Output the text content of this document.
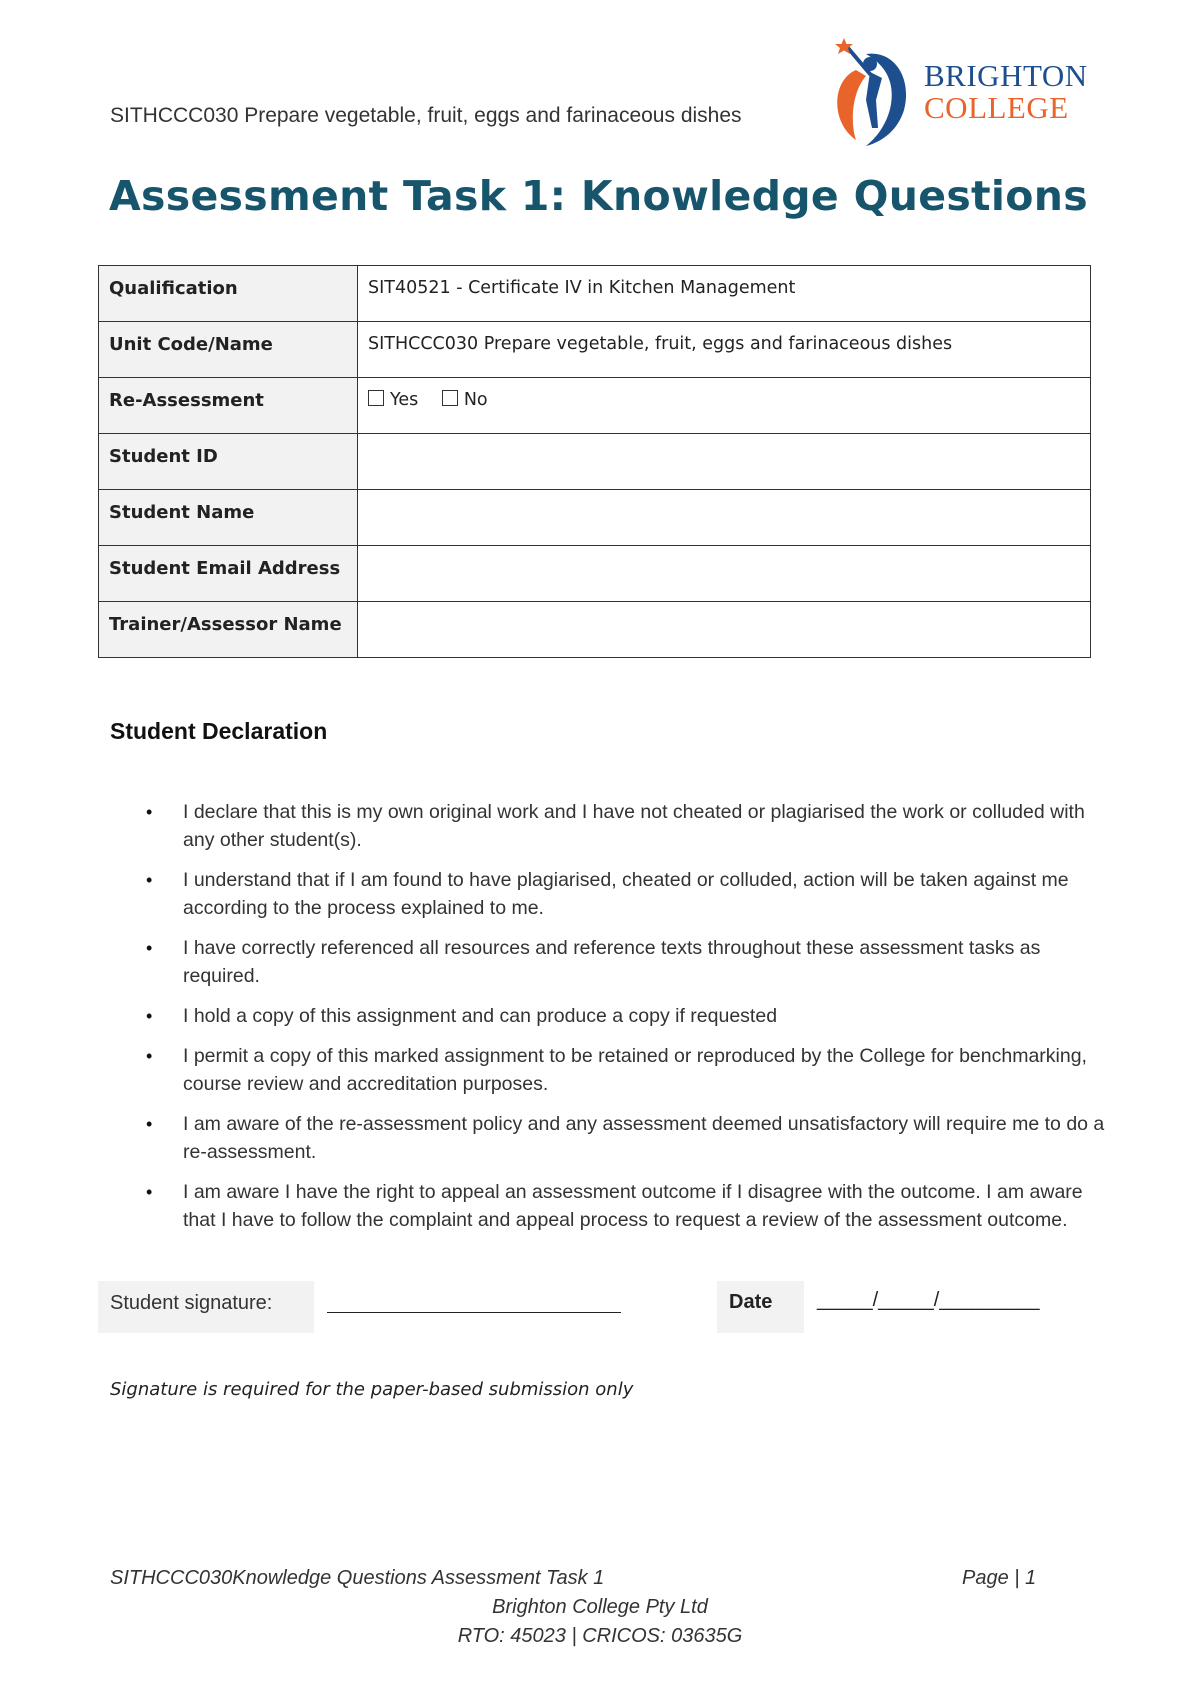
SITHCCC030 Prepare vegetable, fruit, eggs and farinaceous dishes
BRIGHTON
COLLEGE
Assessment Task 1: Knowledge Questions
Qualification	SIT40521 - Certificate IV in Kitchen Management
Unit Code/Name	SITHCCC030 Prepare vegetable, fruit, eggs and farinaceous dishes
Re-Assessment	Yes No
Student ID	
Student Name	
Student Email Address	
Trainer/Assessor Name	
Student Declaration
• I declare that this is my own original work and I have not cheated or plagiarised the work or colluded with any other student(s).
• I understand that if I am found to have plagiarised, cheated or colluded, action will be taken against me according to the process explained to me.
• I have correctly referenced all resources and reference texts throughout these assessment tasks as required.
• I hold a copy of this assignment and can produce a copy if requested
• I permit a copy of this marked assignment to be retained or reproduced by the College for benchmarking, course review and accreditation purposes.
• I am aware of the re-assessment policy and any assessment deemed unsatisfactory will require me to do a re-assessment.
• I am aware I have the right to appeal an assessment outcome if I disagree with the outcome. I am aware that I have to follow the complaint and appeal process to request a review of the assessment outcome.
Student signature:	Date _____/_____/_________
Signature is required for the paper-based submission only
SITHCCC030Knowledge Questions Assessment Task 1	Page | 1
Brighton College Pty Ltd
RTO: 45023 | CRICOS: 03635G
